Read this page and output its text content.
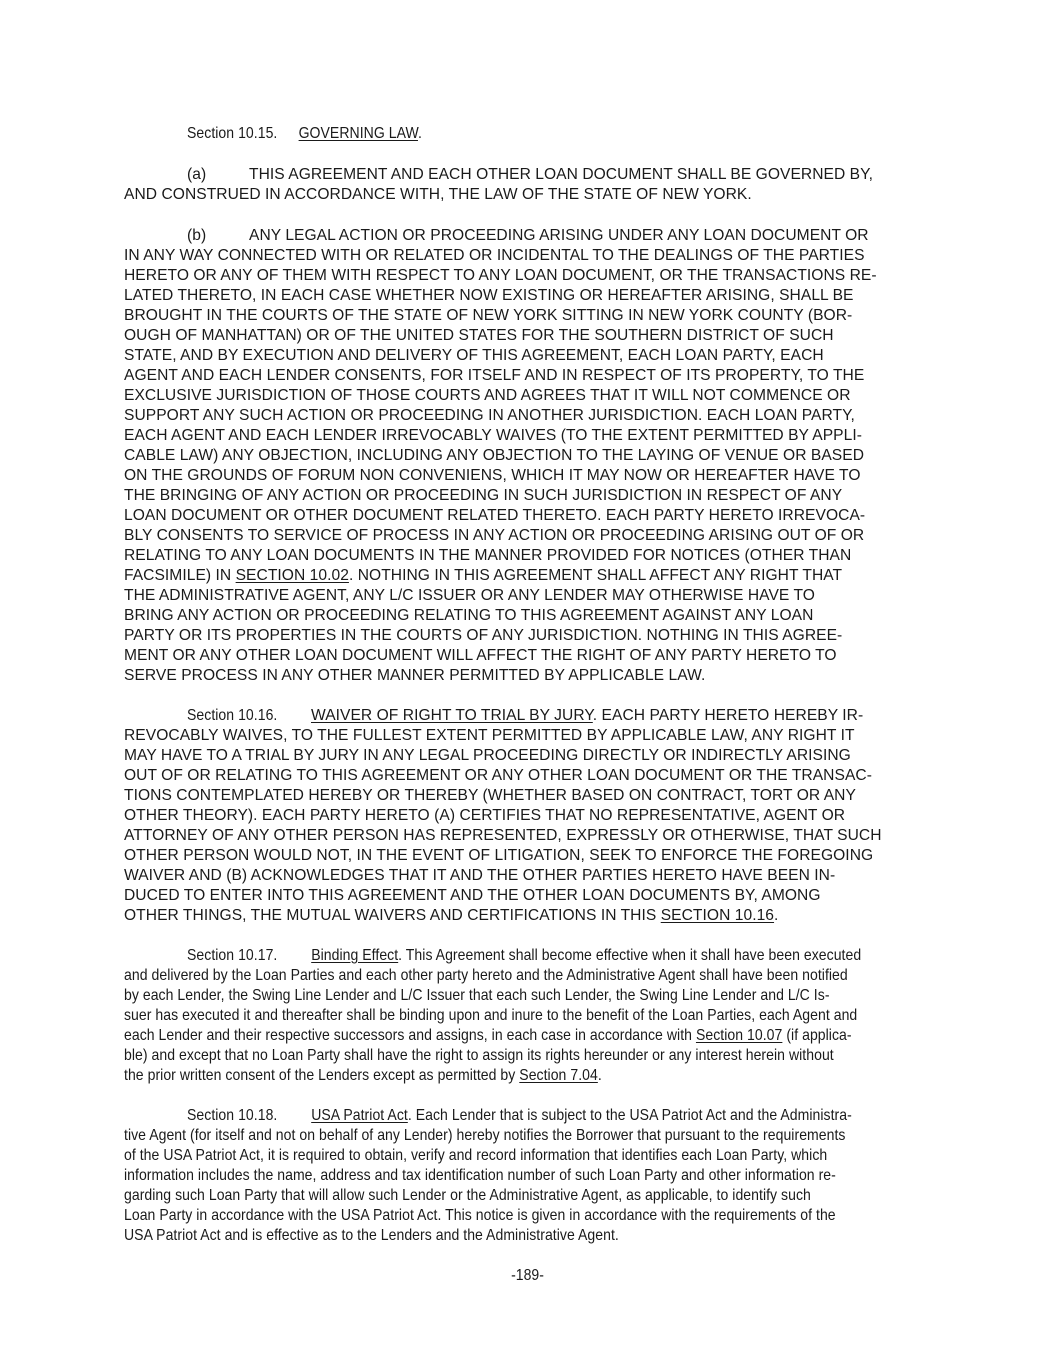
Section 10.15. GOVERNING LAW.
(a)	THIS AGREEMENT AND EACH OTHER LOAN DOCUMENT SHALL BE GOVERNED BY,
AND CONSTRUED IN ACCORDANCE WITH, THE LAW OF THE STATE OF NEW YORK.
(b)	ANY LEGAL ACTION OR PROCEEDING ARISING UNDER ANY LOAN DOCUMENT OR
IN ANY WAY CONNECTED WITH OR RELATED OR INCIDENTAL TO THE DEALINGS OF THE PARTIES
HERETO OR ANY OF THEM WITH RESPECT TO ANY LOAN DOCUMENT, OR THE TRANSACTIONS RE-
LATED THERETO, IN EACH CASE WHETHER NOW EXISTING OR HEREAFTER ARISING, SHALL BE
BROUGHT IN THE COURTS OF THE STATE OF NEW YORK SITTING IN NEW YORK COUNTY (BOR-
OUGH OF MANHATTAN) OR OF THE UNITED STATES FOR THE SOUTHERN DISTRICT OF SUCH
STATE, AND BY EXECUTION AND DELIVERY OF THIS AGREEMENT, EACH LOAN PARTY, EACH
AGENT AND EACH LENDER CONSENTS, FOR ITSELF AND IN RESPECT OF ITS PROPERTY, TO THE
EXCLUSIVE JURISDICTION OF THOSE COURTS AND AGREES THAT IT WILL NOT COMMENCE OR
SUPPORT ANY SUCH ACTION OR PROCEEDING IN ANOTHER JURISDICTION. EACH LOAN PARTY,
EACH AGENT AND EACH LENDER IRREVOCABLY WAIVES (TO THE EXTENT PERMITTED BY APPLI-
CABLE LAW) ANY OBJECTION, INCLUDING ANY OBJECTION TO THE LAYING OF VENUE OR BASED
ON THE GROUNDS OF FORUM NON CONVENIENS, WHICH IT MAY NOW OR HEREAFTER HAVE TO
THE BRINGING OF ANY ACTION OR PROCEEDING IN SUCH JURISDICTION IN RESPECT OF ANY
LOAN DOCUMENT OR OTHER DOCUMENT RELATED THERETO. EACH PARTY HERETO IRREVOCA-
BLY CONSENTS TO SERVICE OF PROCESS IN ANY ACTION OR PROCEEDING ARISING OUT OF OR
RELATING TO ANY LOAN DOCUMENTS IN THE MANNER PROVIDED FOR NOTICES (OTHER THAN
FACSIMILE) IN SECTION 10.02. NOTHING IN THIS AGREEMENT SHALL AFFECT ANY RIGHT THAT
THE ADMINISTRATIVE AGENT, ANY L/C ISSUER OR ANY LENDER MAY OTHERWISE HAVE TO
BRING ANY ACTION OR PROCEEDING RELATING TO THIS AGREEMENT AGAINST ANY LOAN
PARTY OR ITS PROPERTIES IN THE COURTS OF ANY JURISDICTION. NOTHING IN THIS AGREE-
MENT OR ANY OTHER LOAN DOCUMENT WILL AFFECT THE RIGHT OF ANY PARTY HERETO TO
SERVE PROCESS IN ANY OTHER MANNER PERMITTED BY APPLICABLE LAW.
Section 10.16. WAIVER OF RIGHT TO TRIAL BY JURY. EACH PARTY HERETO HEREBY IR-
REVOCABLY WAIVES, TO THE FULLEST EXTENT PERMITTED BY APPLICABLE LAW, ANY RIGHT IT
MAY HAVE TO A TRIAL BY JURY IN ANY LEGAL PROCEEDING DIRECTLY OR INDIRECTLY ARISING
OUT OF OR RELATING TO THIS AGREEMENT OR ANY OTHER LOAN DOCUMENT OR THE TRANSAC-
TIONS CONTEMPLATED HEREBY OR THEREBY (WHETHER BASED ON CONTRACT, TORT OR ANY
OTHER THEORY). EACH PARTY HERETO (A) CERTIFIES THAT NO REPRESENTATIVE, AGENT OR
ATTORNEY OF ANY OTHER PERSON HAS REPRESENTED, EXPRESSLY OR OTHERWISE, THAT SUCH
OTHER PERSON WOULD NOT, IN THE EVENT OF LITIGATION, SEEK TO ENFORCE THE FOREGOING
WAIVER AND (B) ACKNOWLEDGES THAT IT AND THE OTHER PARTIES HERETO HAVE BEEN IN-
DUCED TO ENTER INTO THIS AGREEMENT AND THE OTHER LOAN DOCUMENTS BY, AMONG
OTHER THINGS, THE MUTUAL WAIVERS AND CERTIFICATIONS IN THIS SECTION 10.16.
Section 10.17. Binding Effect. This Agreement shall become effective when it shall have been executed
and delivered by the Loan Parties and each other party hereto and the Administrative Agent shall have been notified
by each Lender, the Swing Line Lender and L/C Issuer that each such Lender, the Swing Line Lender and L/C Is-
suer has executed it and thereafter shall be binding upon and inure to the benefit of the Loan Parties, each Agent and
each Lender and their respective successors and assigns, in each case in accordance with Section 10.07 (if applica-
ble) and except that no Loan Party shall have the right to assign its rights hereunder or any interest herein without
the prior written consent of the Lenders except as permitted by Section 7.04.
Section 10.18. USA Patriot Act. Each Lender that is subject to the USA Patriot Act and the Administra-
tive Agent (for itself and not on behalf of any Lender) hereby notifies the Borrower that pursuant to the requirements
of the USA Patriot Act, it is required to obtain, verify and record information that identifies each Loan Party, which
information includes the name, address and tax identification number of such Loan Party and other information re-
garding such Loan Party that will allow such Lender or the Administrative Agent, as applicable, to identify such
Loan Party in accordance with the USA Patriot Act. This notice is given in accordance with the requirements of the
USA Patriot Act and is effective as to the Lenders and the Administrative Agent.
-189-
